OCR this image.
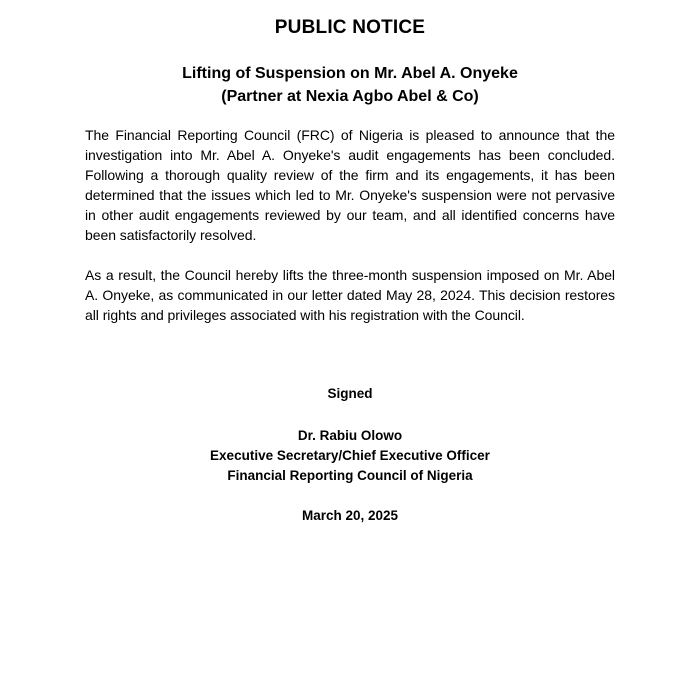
PUBLIC NOTICE
Lifting of Suspension on Mr. Abel A. Onyeke
(Partner at Nexia Agbo Abel & Co)
The Financial Reporting Council (FRC) of Nigeria is pleased to announce that the investigation into Mr. Abel A. Onyeke's audit engagements has been concluded. Following a thorough quality review of the firm and its engagements, it has been determined that the issues which led to Mr. Onyeke's suspension were not pervasive in other audit engagements reviewed by our team, and all identified concerns have been satisfactorily resolved.
As a result, the Council hereby lifts the three-month suspension imposed on Mr. Abel A. Onyeke, as communicated in our letter dated May 28, 2024. This decision restores all rights and privileges associated with his registration with the Council.
Signed
Dr. Rabiu Olowo
Executive Secretary/Chief Executive Officer
Financial Reporting Council of Nigeria
March 20, 2025
